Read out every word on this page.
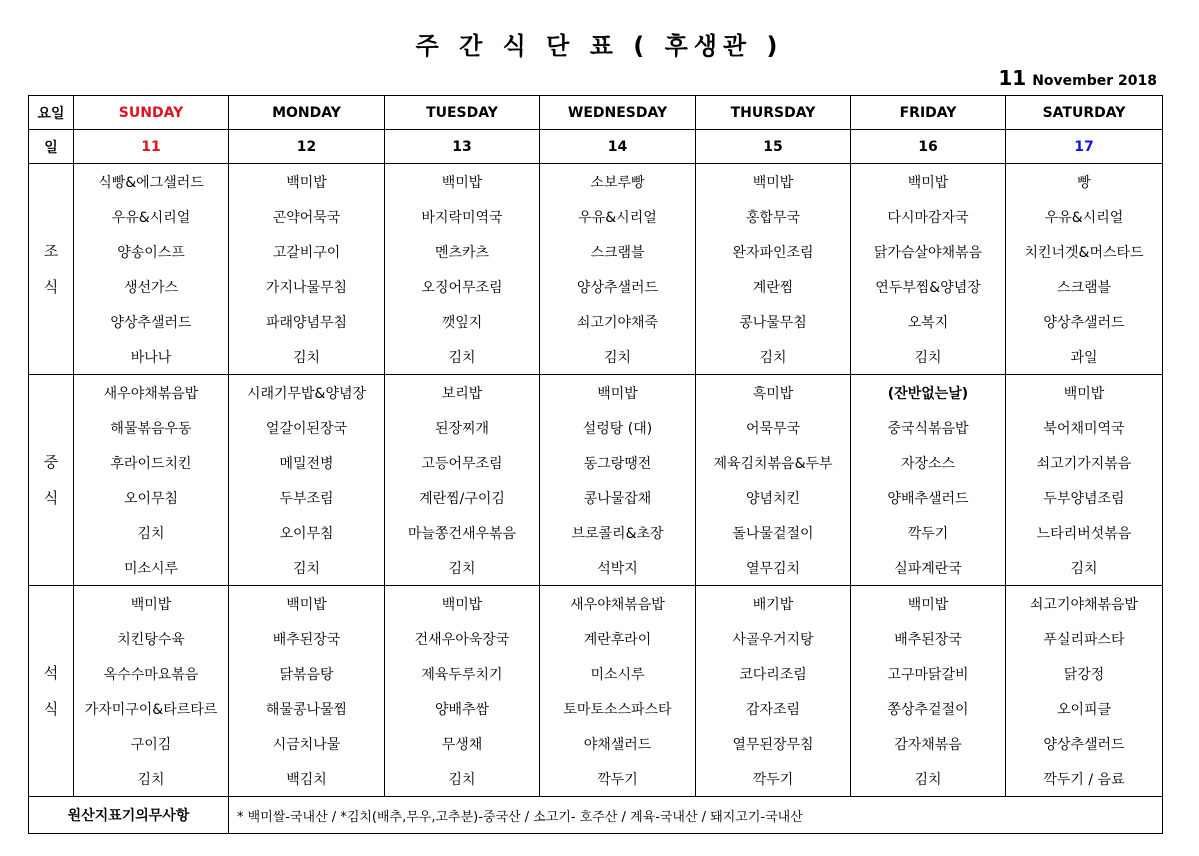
주 간 식 단 표 ( 후생관 )
11 November 2018
요일	SUNDAY	MONDAY	TUESDAY	WEDNESDAY	THURSDAY	FRIDAY	SATURDAY
일	11	12	13	14	15	16	17
조
식	식빵&에그샐러드	백미밥	백미밥	소보루빵	백미밥	백미밥	빵
	우유&시리얼	곤약어묵국	바지락미역국	우유&시리얼	홍합무국	다시마감자국	우유&시리얼
	양송이스프	고갈비구이	멘츠카츠	스크램블	완자파인조림	닭가슴살야채볶음	치킨너겟&머스타드
	생선가스	가지나물무침	오징어무조림	양상추샐러드	계란찜	연두부찜&양념장	스크램블
	양상추샐러드	파래양념무침	깻잎지	쇠고기야채죽	콩나물무침	오복지	양상추샐러드
	바나나	김치	김치	김치	김치	김치	과일
중
식	새우야채볶음밥	시래기무밥&양념장	보리밥	백미밥	흑미밥	(잔반없는날)	백미밥
	해물볶음우동	얼갈이된장국	된장찌개	설렁탕 (대)	어묵무국	중국식볶음밥	북어채미역국
	후라이드치킨	메밀전병	고등어무조림	동그랑땡전	제육김치볶음&두부	자장소스	쇠고기가지볶음
	오이무침	두부조림	계란찜/구이김	콩나물잡채	양념치킨	양배추샐러드	두부양념조림
	김치	오이무침	마늘쫑건새우볶음	브로콜리&초장	돌나물겉절이	깍두기	느타리버섯볶음
	미소시루	김치	김치	석박지	열무김치	실파계란국	김치
석
식	백미밥	백미밥	백미밥	새우야채볶음밥	배기밥	백미밥	쇠고기야채볶음밥
	치킨탕수육	배추된장국	건새우아욱장국	계란후라이	사골우거지탕	배추된장국	푸실리파스타
	옥수수마요볶음	닭볶음탕	제육두루치기	미소시루	코다리조림	고구마닭갈비	닭강정
	가자미구이&타르타르	해물콩나물찜	양배추쌈	토마토소스파스타	감자조림	쫑상추겉절이	오이피클
	구이김	시금치나물	무생채	야채샐러드	열무된장무침	감자채볶음	양상추샐러드
	김치	백김치	김치	깍두기	깍두기	김치	깍두기 / 음료
원산지표기의무사항		* 백미쌀-국내산 / *김치(배추,무우,고추분)-중국산 / 소고기- 호주산 / 계육-국내산 / 돼지고기-국내산					
